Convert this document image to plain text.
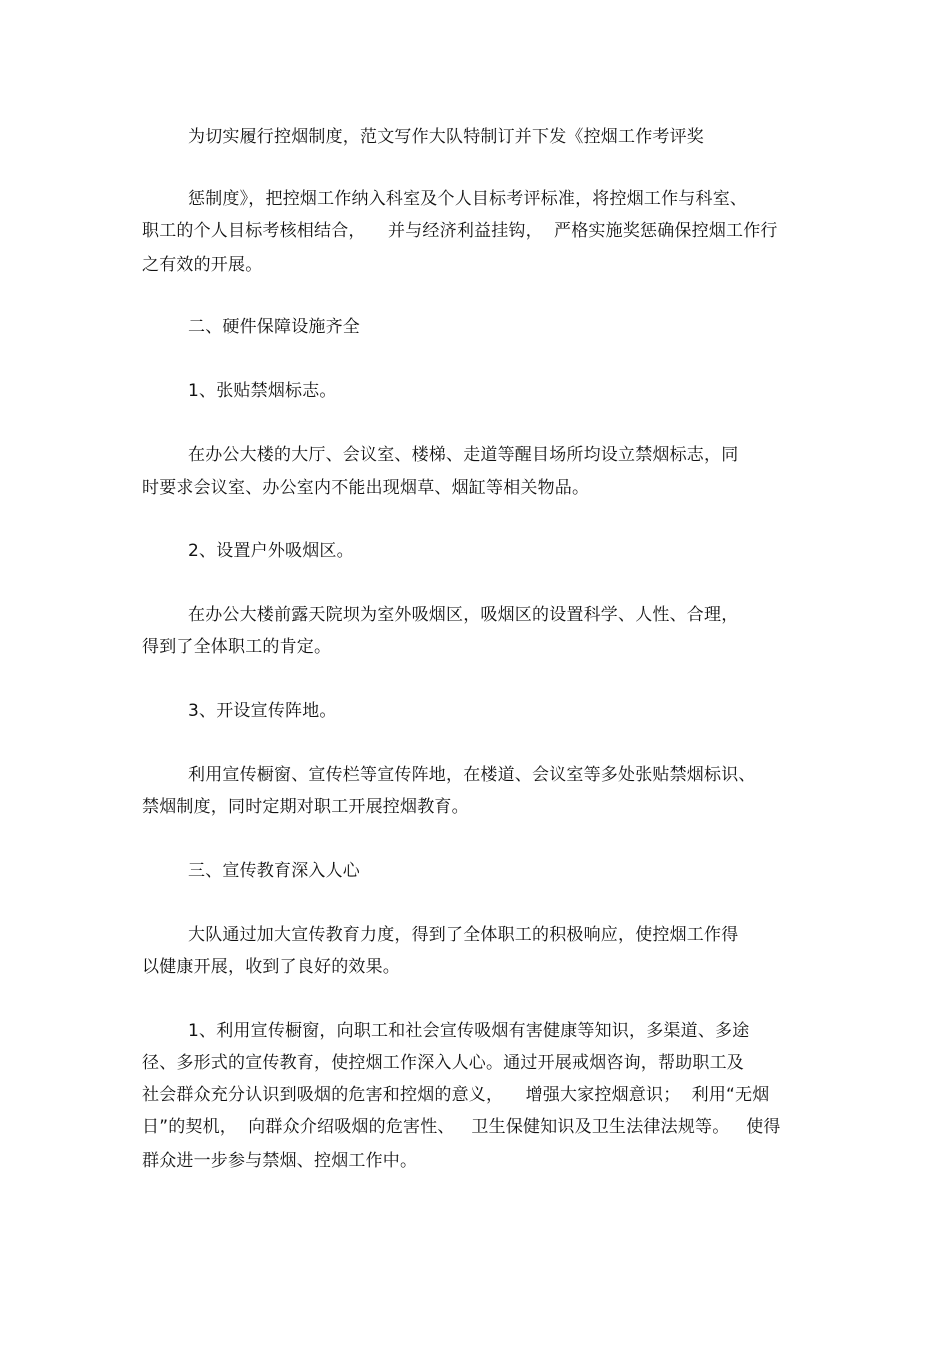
为切实履行控烟制度，范文写作大队特制订并下发《控烟工作考评奖
惩制度》，把控烟工作纳入科室及个人目标考评标准，将控烟工作与科室、
职工的个人目标考核相结合，    并与经济利益挂钩，  严格实施奖惩确保控烟工作行
之有效的开展。
二、硬件保障设施齐全
1、张贴禁烟标志。
在办公大楼的大厅、会议室、楼梯、走道等醒目场所均设立禁烟标志，同
时要求会议室、办公室内不能出现烟草、烟缸等相关物品。
2、设置户外吸烟区。
在办公大楼前露天院坝为室外吸烟区，吸烟区的设置科学、人性、合理，
得到了全体职工的肯定。
3、开设宣传阵地。
利用宣传橱窗、宣传栏等宣传阵地，在楼道、会议室等多处张贴禁烟标识、
禁烟制度，同时定期对职工开展控烟教育。
三、宣传教育深入人心
大队通过加大宣传教育力度，得到了全体职工的积极响应，使控烟工作得
以健康开展，收到了良好的效果。
1、利用宣传橱窗，向职工和社会宣传吸烟有害健康等知识，多渠道、多途
径、多形式的宣传教育，使控烟工作深入人心。通过开展戒烟咨询，帮助职工及
社会群众充分认识到吸烟的危害和控烟的意义，    增强大家控烟意识；  利用“无烟
日”的契机，  向群众介绍吸烟的危害性、   卫生保健知识及卫生法律法规等。   使得
群众进一步参与禁烟、控烟工作中。
